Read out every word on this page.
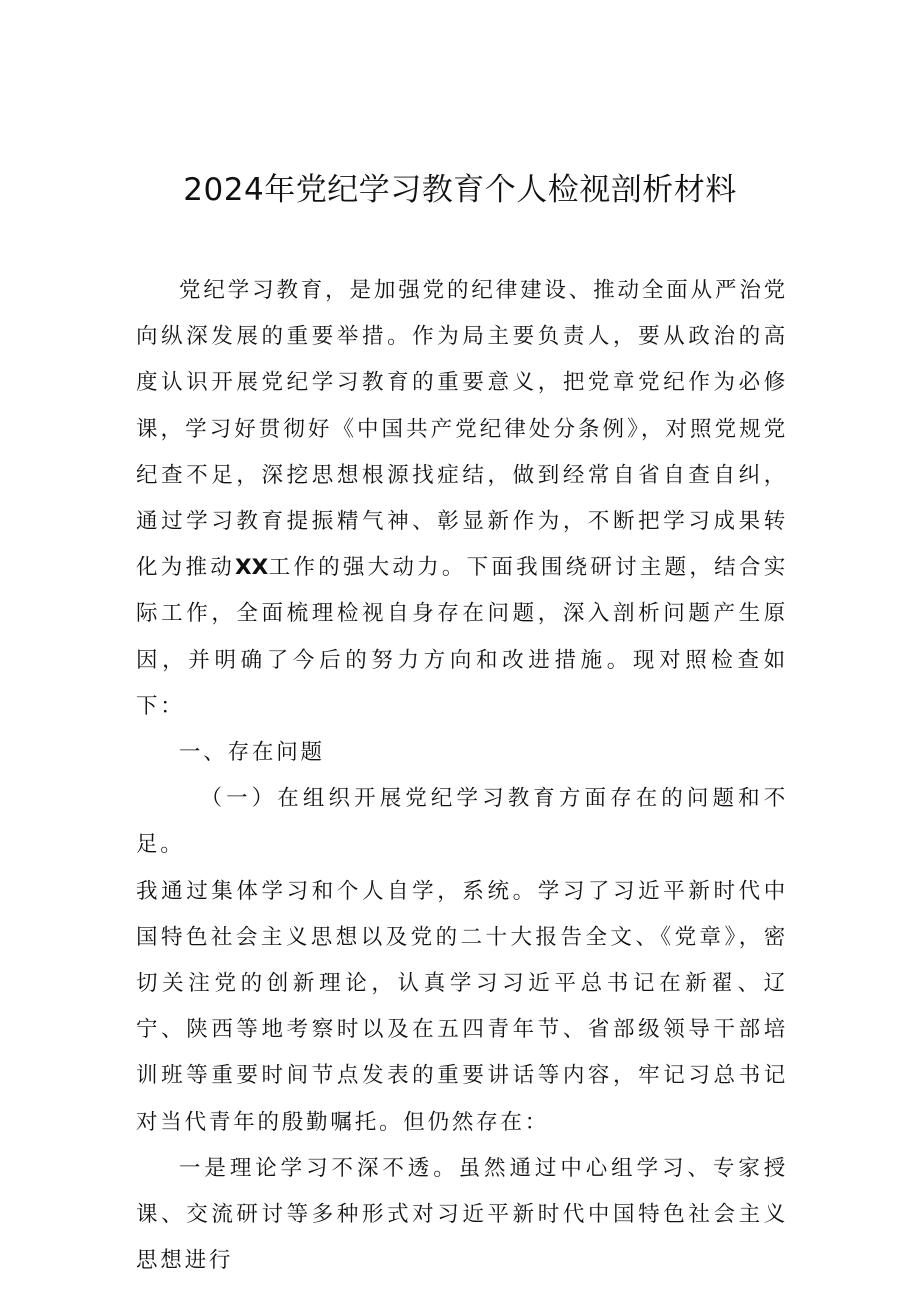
2024年党纪学习教育个人检视剖析材料

党纪学习教育，是加强党的纪律建设、推动全面从严治党向纵深发展的重要举措。作为局主要负责人，要从政治的高度认识开展党纪学习教育的重要意义，把党章党纪作为必修课，学习好贯彻好《中国共产党纪律处分条例》，对照党规党纪查不足，深挖思想根源找症结，做到经常自省自查自纠，通过学习教育提振精气神、彰显新作为，不断把学习成果转化为推动XX工作的强大动力。下面我围绕研讨主题，结合实际工作，全面梳理检视自身存在问题，深入剖析问题产生原因，并明确了今后的努力方向和改进措施。现对照检查如下：

一、存在问题

（一）在组织开展党纪学习教育方面存在的问题和不足。

我通过集体学习和个人自学，系统。学习了习近平新时代中国特色社会主义思想以及党的二十大报告全文、《党章》，密切关注党的创新理论，认真学习习近平总书记在新翟、辽宁、陕西等地考察时以及在五四青年节、省部级领导干部培训班等重要时间节点发表的重要讲话等内容，牢记习总书记对当代青年的殷勤嘱托。但仍然存在：

一是理论学习不深不透。虽然通过中心组学习、专家授课、交流研讨等多种形式对习近平新时代中国特色社会主义思想进行
